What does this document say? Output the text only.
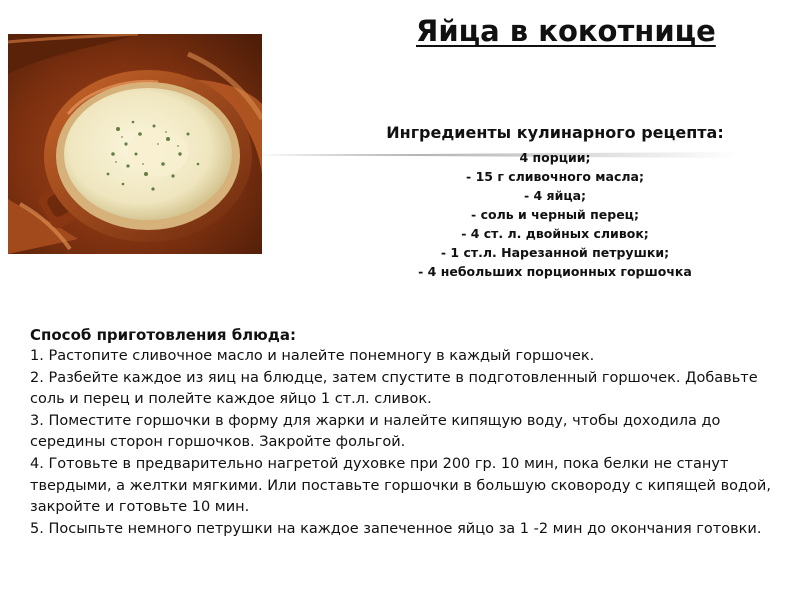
Яйца в кокотнице
Ингредиенты кулинарного рецепта:
4 порции;
- 15 г сливочного масла;
- 4 яйца;
- соль и черный перец;
- 4 ст. л. двойных сливок;
- 1 ст.л. Нарезанной петрушки;
- 4 небольших порционных горшочка

Способ приготовления блюда:

1. Растопите сливочное масло и налейте понемногу в каждый горшочек.

2. Разбейте каждое из яиц на блюдце, затем спустите в подготовленный горшочек. Добавьте соль и перец и полейте каждое яйцо 1 ст.л. сливок.

3. Поместите горшочки в форму для жарки и налейте кипящую воду, чтобы доходила до середины сторон горшочков. Закройте фольгой.

4. Готовьте в предварительно нагретой духовке при 200 гр. 10 мин, пока белки не станут твердыми, а желтки мягкими. Или поставьте горшочки в большую сковороду с кипящей водой, закройте и готовьте 10 мин.

5. Посыпьте немного петрушки на каждое запеченное яйцо за 1 -2 мин до окончания готовки.
